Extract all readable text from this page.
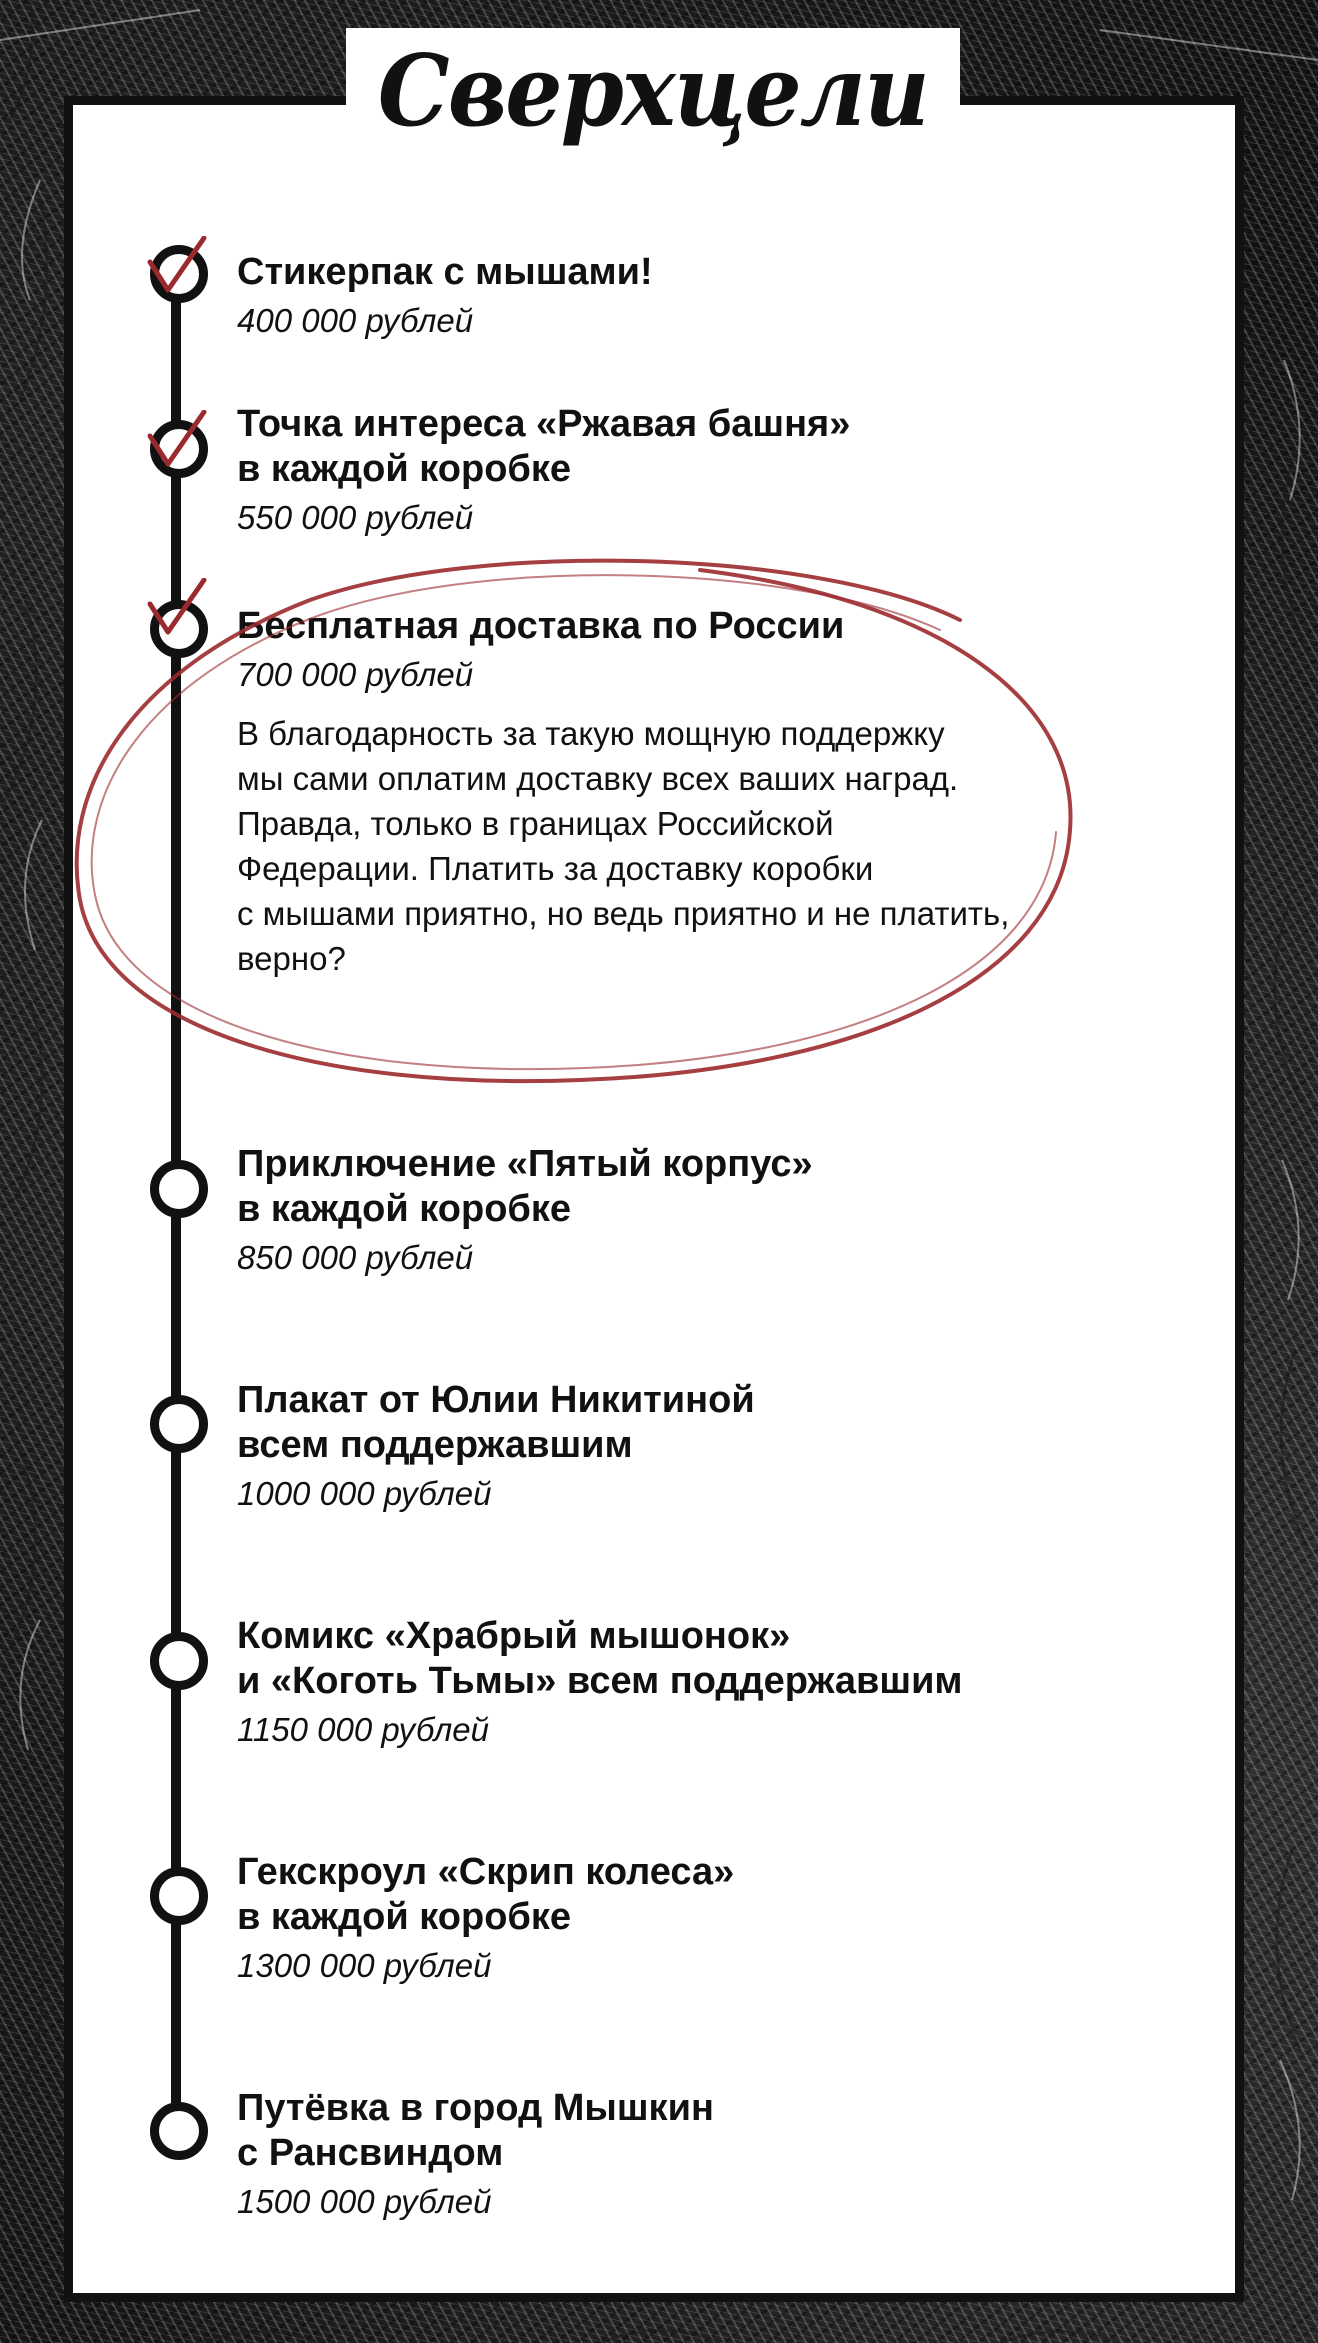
Сверхцели
Стикерпак с мышами!
400 000 рублей
Точка интереса «Ржавая башня»
в каждой коробке
550 000 рублей
Бесплатная доставка по России
700 000 рублей
В благодарность за такую мощную поддержку
мы сами оплатим доставку всех ваших наград.
Правда, только в границах Российской
Федерации. Платить за доставку коробки
с мышами приятно, но ведь приятно и не платить,
верно?
Приключение «Пятый корпус»
в каждой коробке
850 000 рублей
Плакат от Юлии Никитиной
всем поддержавшим
1000 000 рублей
Комикс «Храбрый мышонок»
и «Коготь Тьмы» всем поддержавшим
1150 000 рублей
Гекскроул «Скрип колеса»
в каждой коробке
1300 000 рублей
Путёвка в город Мышкин
с Рансвиндом
1500 000 рублей
